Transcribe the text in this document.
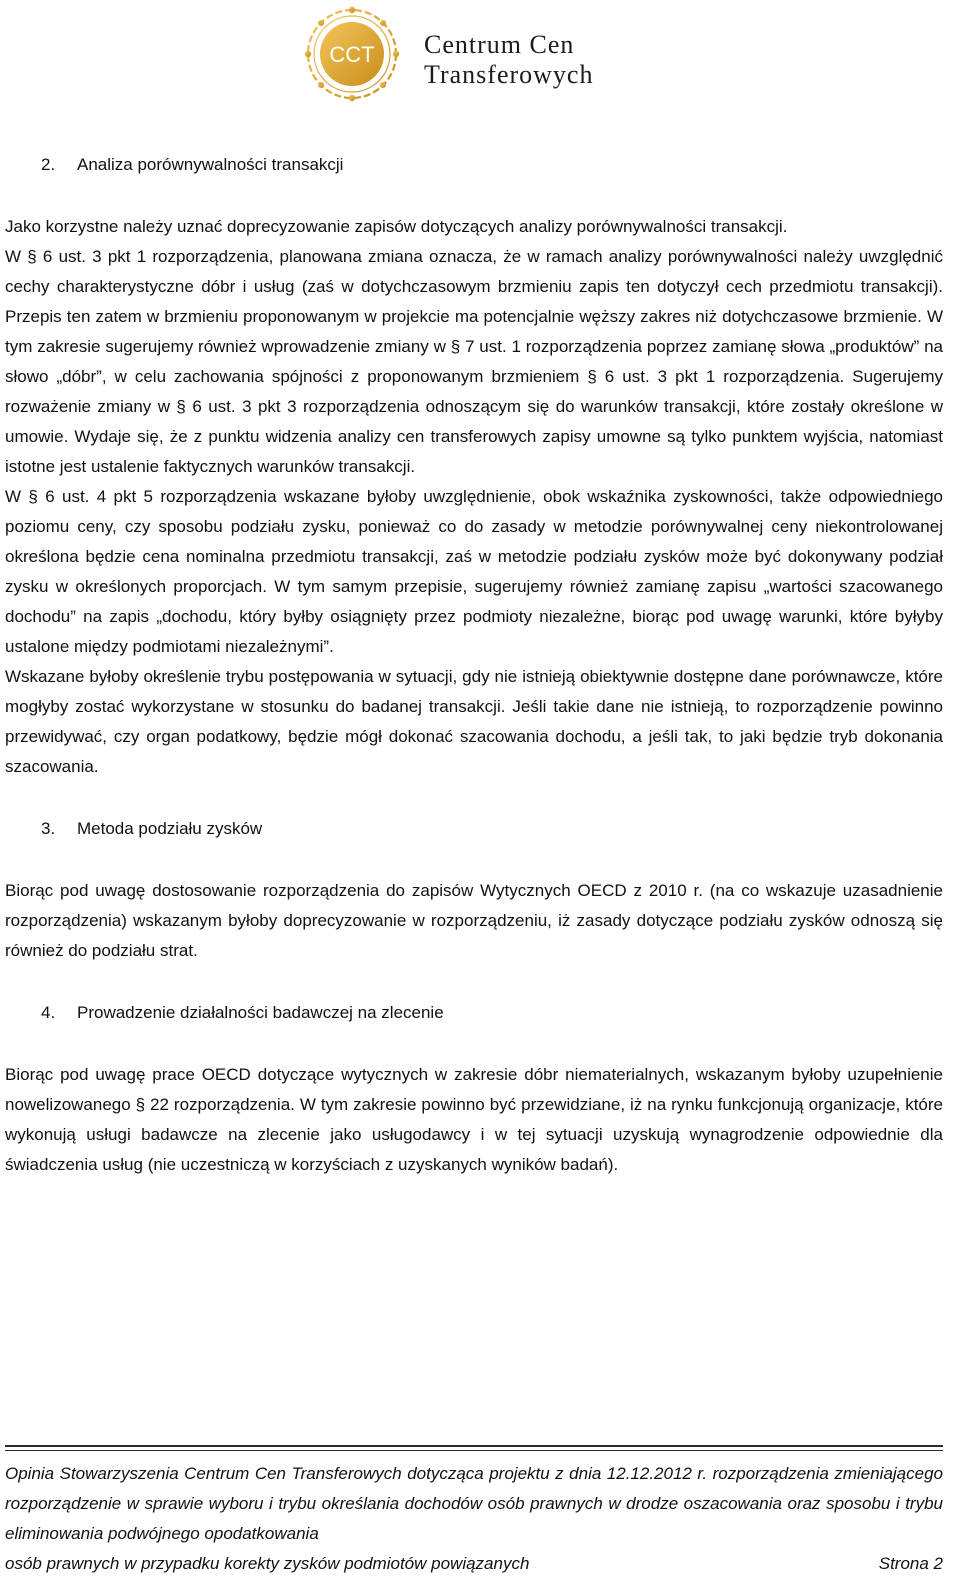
CCT Centrum Cen
Transferowych
2. Analiza porównywalności transakcji

Jako korzystne należy uznać doprecyzowanie zapisów dotyczących analizy porównywalności transakcji.

W § 6 ust. 3 pkt 1 rozporządzenia, planowana zmiana oznacza, że w ramach analizy porównywalności należy uwzględnić cechy charakterystyczne dóbr i usług (zaś w dotychczasowym brzmieniu zapis ten dotyczył cech przedmiotu transakcji). Przepis ten zatem w brzmieniu proponowanym w projekcie ma potencjalnie węższy zakres niż dotychczasowe brzmienie. W tym zakresie sugerujemy również wprowadzenie zmiany w § 7 ust. 1 rozporządzenia poprzez zamianę słowa „produktów” na słowo „dóbr”, w celu zachowania spójności z proponowanym brzmieniem § 6 ust. 3 pkt 1 rozporządzenia. Sugerujemy rozważenie zmiany w § 6 ust. 3 pkt 3 rozporządzenia odnoszącym się do warunków transakcji, które zostały określone w umowie. Wydaje się, że z punktu widzenia analizy cen transferowych zapisy umowne są tylko punktem wyjścia, natomiast istotne jest ustalenie faktycznych warunków transakcji.

W § 6 ust. 4 pkt 5 rozporządzenia wskazane byłoby uwzględnienie, obok wskaźnika zyskowności, także odpowiedniego poziomu ceny, czy sposobu podziału zysku, ponieważ co do zasady w metodzie porównywalnej ceny niekontrolowanej określona będzie cena nominalna przedmiotu transakcji, zaś w metodzie podziału zysków może być dokonywany podział zysku w określonych proporcjach. W tym samym przepisie, sugerujemy również zamianę zapisu „wartości szacowanego dochodu” na zapis „dochodu, który byłby osiągnięty przez podmioty niezależne, biorąc pod uwagę warunki, które byłyby ustalone między podmiotami niezależnymi”.

Wskazane byłoby określenie trybu postępowania w sytuacji, gdy nie istnieją obiektywnie dostępne dane porównawcze, które mogłyby zostać wykorzystane w stosunku do badanej transakcji. Jeśli takie dane nie istnieją, to rozporządzenie powinno przewidywać, czy organ podatkowy, będzie mógł dokonać szacowania dochodu, a jeśli tak, to jaki będzie tryb dokonania szacowania.

3. Metoda podziału zysków

Biorąc pod uwagę dostosowanie rozporządzenia do zapisów Wytycznych OECD z 2010 r. (na co wskazuje uzasadnienie rozporządzenia) wskazanym byłoby doprecyzowanie w rozporządzeniu, iż zasady dotyczące podziału zysków odnoszą się również do podziału strat.

4. Prowadzenie działalności badawczej na zlecenie

Biorąc pod uwagę prace OECD dotyczące wytycznych w zakresie dóbr niematerialnych, wskazanym byłoby uzupełnienie nowelizowanego § 22 rozporządzenia. W tym zakresie powinno być przewidziane, iż na rynku funkcjonują organizacje, które wykonują usługi badawcze na zlecenie jako usługodawcy i w tej sytuacji uzyskują wynagrodzenie odpowiednie dla świadczenia usług (nie uczestniczą w korzyściach z uzyskanych wyników badań).

Opinia Stowarzyszenia Centrum Cen Transferowych dotycząca projektu z dnia 12.12.2012 r. rozporządzenia zmieniającego rozporządzenie w sprawie wyboru i trybu określania dochodów osób prawnych w drodze oszacowania oraz sposobu i trybu eliminowania podwójnego opodatkowania
osób prawnych w przypadku korekty zysków podmiotów powiązanych	Strona 2
